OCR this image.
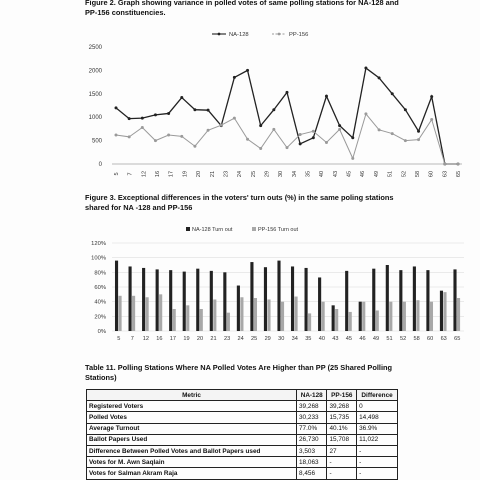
Figure 2. Graph showing variance in polled votes of same polling stations for NA-128 and PP-156 constituencies.
0
500
1000
1500
2000
2500
5 7 12 16 17 19 20 21 23 24 25 29 30 34 35 40 43 45 46 49 51 52 58 60 63 65
NA-128	PP-156
Figure 3. Exceptional differences in the voters' turn outs (%) in the same poling stations shared for NA -128 and PP-156
0%
20%
40%
60%
80%
100%
120%
NA-128 Turn out	PP-156 Turn out
5 7 12 16 17 19 20 21 23 24 25 29 30 34 35 40 43 45 46 49 51 52 58 60 63 65
Table 11. Polling Stations Where NA Polled Votes Are Higher than PP (25 Shared Polling Stations)
Metric	NA-128	PP-156	Difference
Registered Voters	39,268	39,268	0
Polled Votes	30,233	15,735	14,498
Average Turnout	77.0%	40.1%	36.9%
Ballot Papers Used	26,730	15,708	11,022
Difference Between Polled Votes and Ballot Papers used	3,503	27	-
Votes for M. Awn Saqlain	18,063	-	-
Votes for Salman Akram Raja	8,456	-	-
